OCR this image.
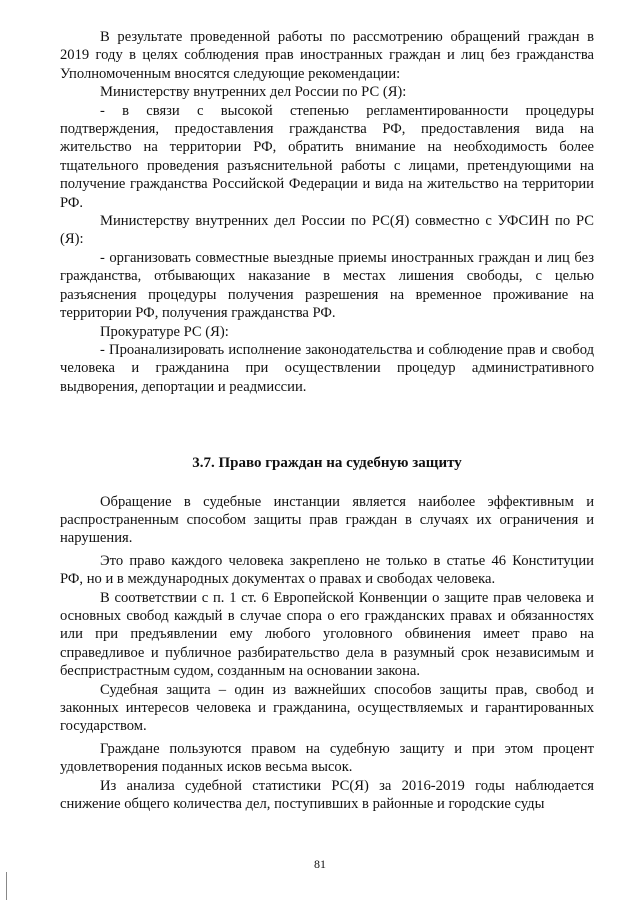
В результате проведенной работы по рассмотрению обращений граждан в 2019 году в целях соблюдения прав иностранных граждан и лиц без гражданства Уполномоченным вносятся следующие рекомендации:

Министерству внутренних дел России по РС (Я):

- в связи с высокой степенью регламентированности процедуры подтверждения, предоставления гражданства РФ, предоставления вида на жительство на территории РФ, обратить внимание на необходимость более тщательного проведения разъяснительной работы с лицами, претендующими на получение гражданства Российской Федерации и вида на жительство на территории РФ.

Министерству внутренних дел России по РС(Я) совместно с УФСИН по РС (Я):

- организовать совместные выездные приемы иностранных граждан и лиц без гражданства, отбывающих наказание в местах лишения свободы, с целью разъяснения процедуры получения разрешения на временное проживание на территории РФ, получения гражданства РФ.

Прокуратуре РС (Я):

- Проанализировать исполнение законодательства и соблюдение прав и свобод человека и гражданина при осуществлении процедур административного выдворения, депортации и реадмиссии.

3.7. Право граждан на судебную защиту

Обращение в судебные инстанции является наиболее эффективным и распространенным способом защиты прав граждан в случаях их ограничения и нарушения.

Это право каждого человека закреплено не только в статье 46 Конституции РФ, но и в международных документах о правах и свободах человека.

В соответствии с п. 1 ст. 6 Европейской Конвенции о защите прав человека и основных свобод каждый в случае спора о его гражданских правах и обязанностях или при предъявлении ему любого уголовного обвинения имеет право на справедливое и публичное разбирательство дела в разумный срок независимым и беспристрастным судом, созданным на основании закона.

Судебная защита – один из важнейших способов защиты прав, свобод и законных интересов человека и гражданина, осуществляемых и гарантированных государством.

Граждане пользуются правом на судебную защиту и при этом процент удовлетворения поданных исков весьма высок.

Из анализа судебной статистики РС(Я) за 2016-2019 годы наблюдается снижение общего количества дел, поступивших в районные и городские суды

81
